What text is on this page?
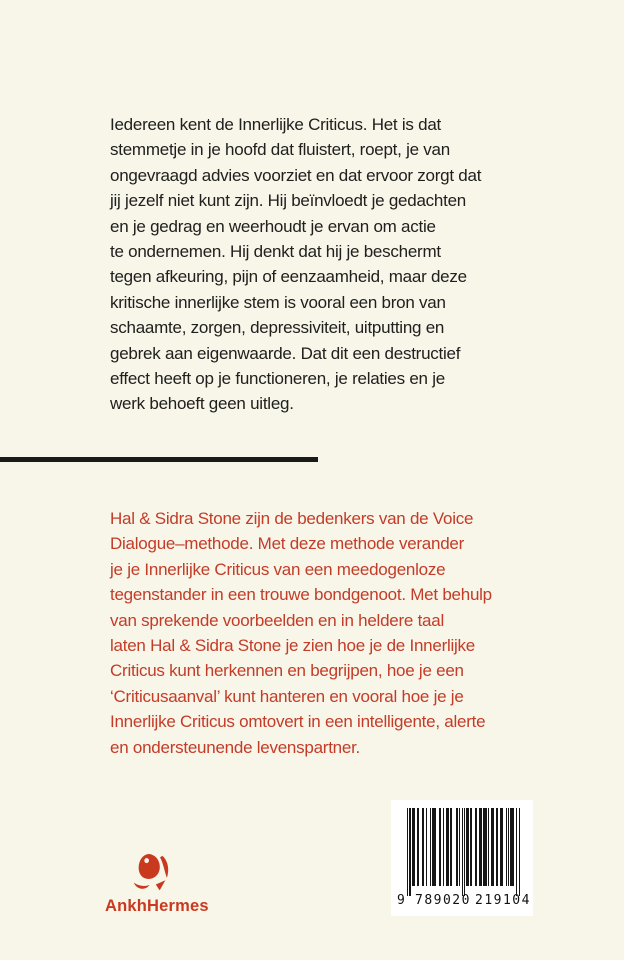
Iedereen kent de Innerlijke Criticus. Het is dat
stemmetje in je hoofd dat fluistert, roept, je van
ongevraagd advies voorziet en dat ervoor zorgt dat
jij jezelf niet kunt zijn. Hij beïnvloedt je gedachten
en je gedrag en weerhoudt je ervan om actie
te ondernemen. Hij denkt dat hij je beschermt
tegen afkeuring, pijn of eenzaamheid, maar deze
kritische innerlijke stem is vooral een bron van
schaamte, zorgen, depressiviteit, uitputting en
gebrek aan eigenwaarde. Dat dit een destructief
effect heeft op je functioneren, je relaties en je
werk behoeft geen uitleg.
Hal & Sidra Stone zijn de bedenkers van de Voice
Dialogue–methode. Met deze methode verander
je je Innerlijke Criticus van een meedogenloze
tegenstander in een trouwe bondgenoot. Met behulp
van sprekende voorbeelden en in heldere taal
laten Hal & Sidra Stone je zien hoe je de Innerlijke
Criticus kunt herkennen en begrijpen, hoe je een
‘Criticusaanval’ kunt hanteren en vooral hoe je je
Innerlijke Criticus omtovert in een intelligente, alerte
en ondersteunende levenspartner.
AnkhHermes	9 789020 219104
